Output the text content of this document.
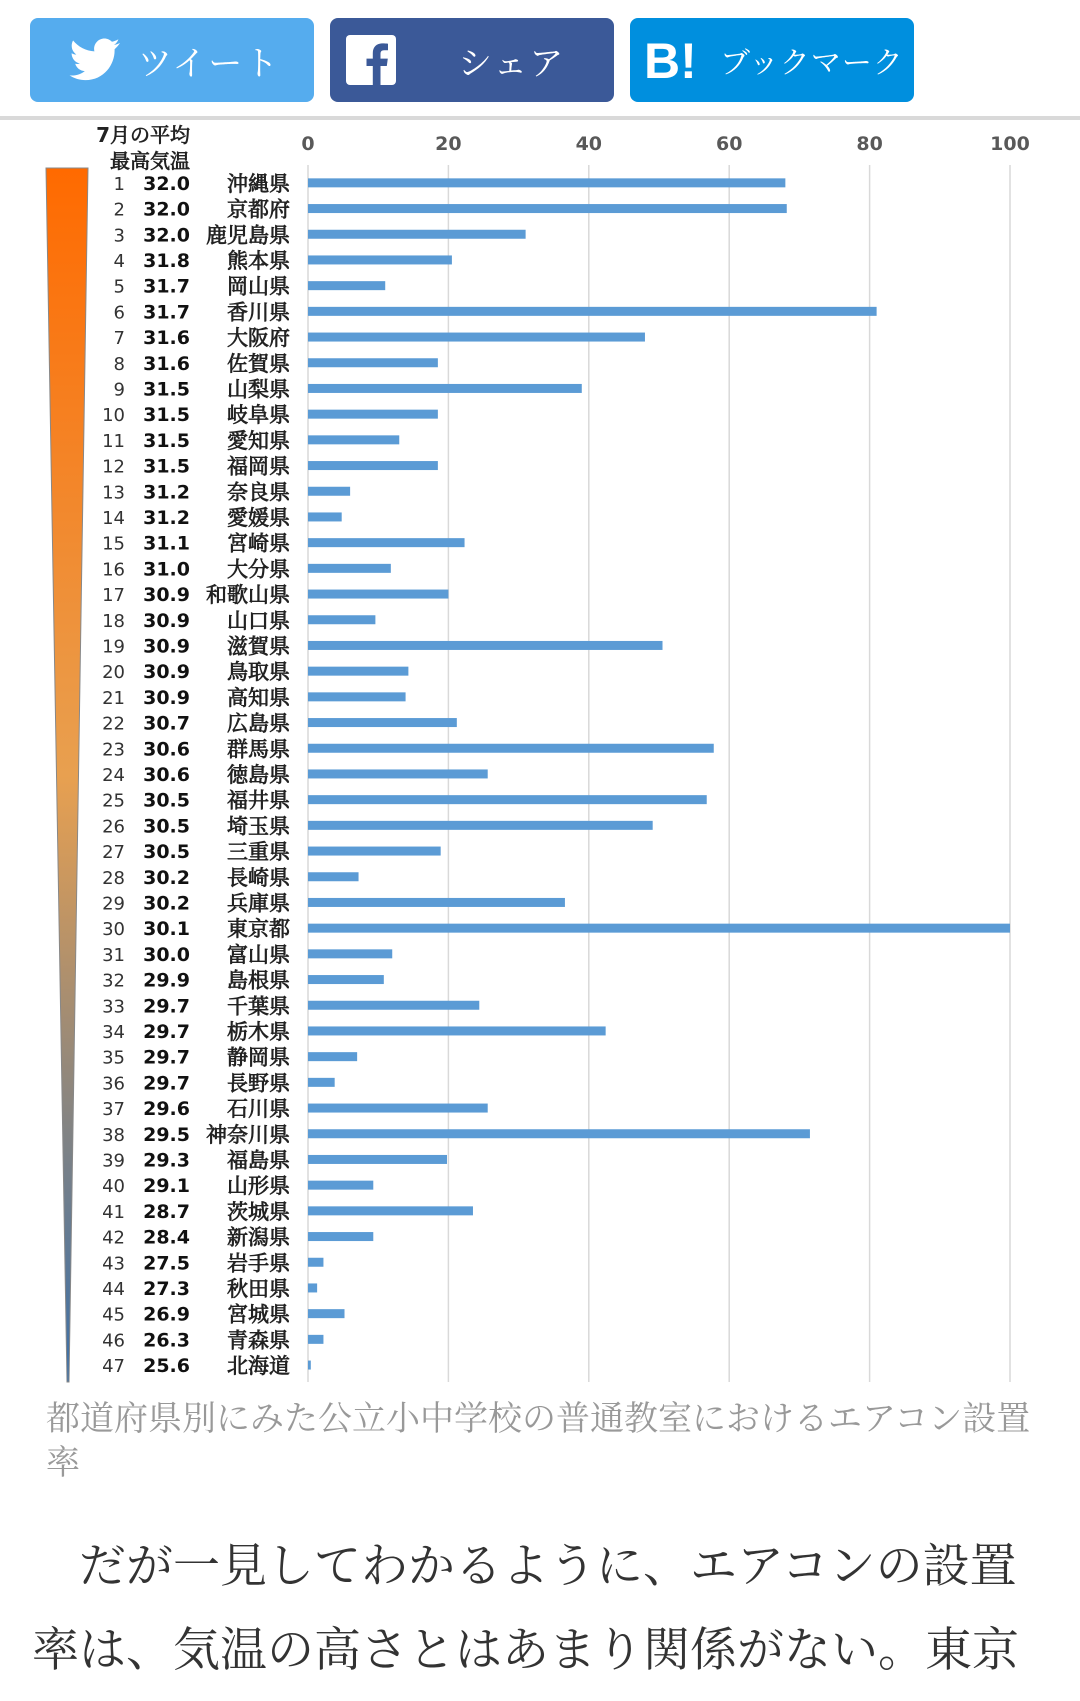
ツイート	シェア B! ブックマーク
7月の平均
最高気温
0	20	40	60	80	100
1 32.0 沖縄県
2 32.0 京都府
3 32.0 鹿児島県
4 31.8 熊本県
5 31.7 岡山県
6 31.7 香川県
7 31.6 大阪府
8 31.6 佐賀県
9 31.5 山梨県
10 31.5 岐阜県
11 31.5 愛知県
12 31.5 福岡県
13 31.2 奈良県
14 31.2 愛媛県
15 31.1 宮崎県
16 31.0 大分県
17 30.9 和歌山県
18 30.9 山口県
19 30.9 滋賀県
20 30.9 鳥取県
21 30.9 高知県
22 30.7 広島県
23 30.6 群馬県
24 30.6 徳島県
25 30.5 福井県
26 30.5 埼玉県
27 30.5 三重県
28 30.2 長崎県
29 30.2 兵庫県
30 30.1 東京都
31 30.0 富山県
32 29.9 島根県
33 29.7 千葉県
34 29.7 栃木県
35 29.7 静岡県
36 29.7 長野県
37 29.6 石川県
38 29.5 神奈川県
39 29.3 福島県
40 29.1 山形県
41 28.7 茨城県
42 28.4 新潟県
43 27.5 岩手県
44 27.3 秋田県
45 26.9 宮城県
46 26.3 青森県
47 25.6 北海道
都道府県別にみた公立小中学校の普通教室におけるエアコン設置率
だが一見してわかるように、エアコンの設置率は、気温の高さとはあまり関係がない。東京
